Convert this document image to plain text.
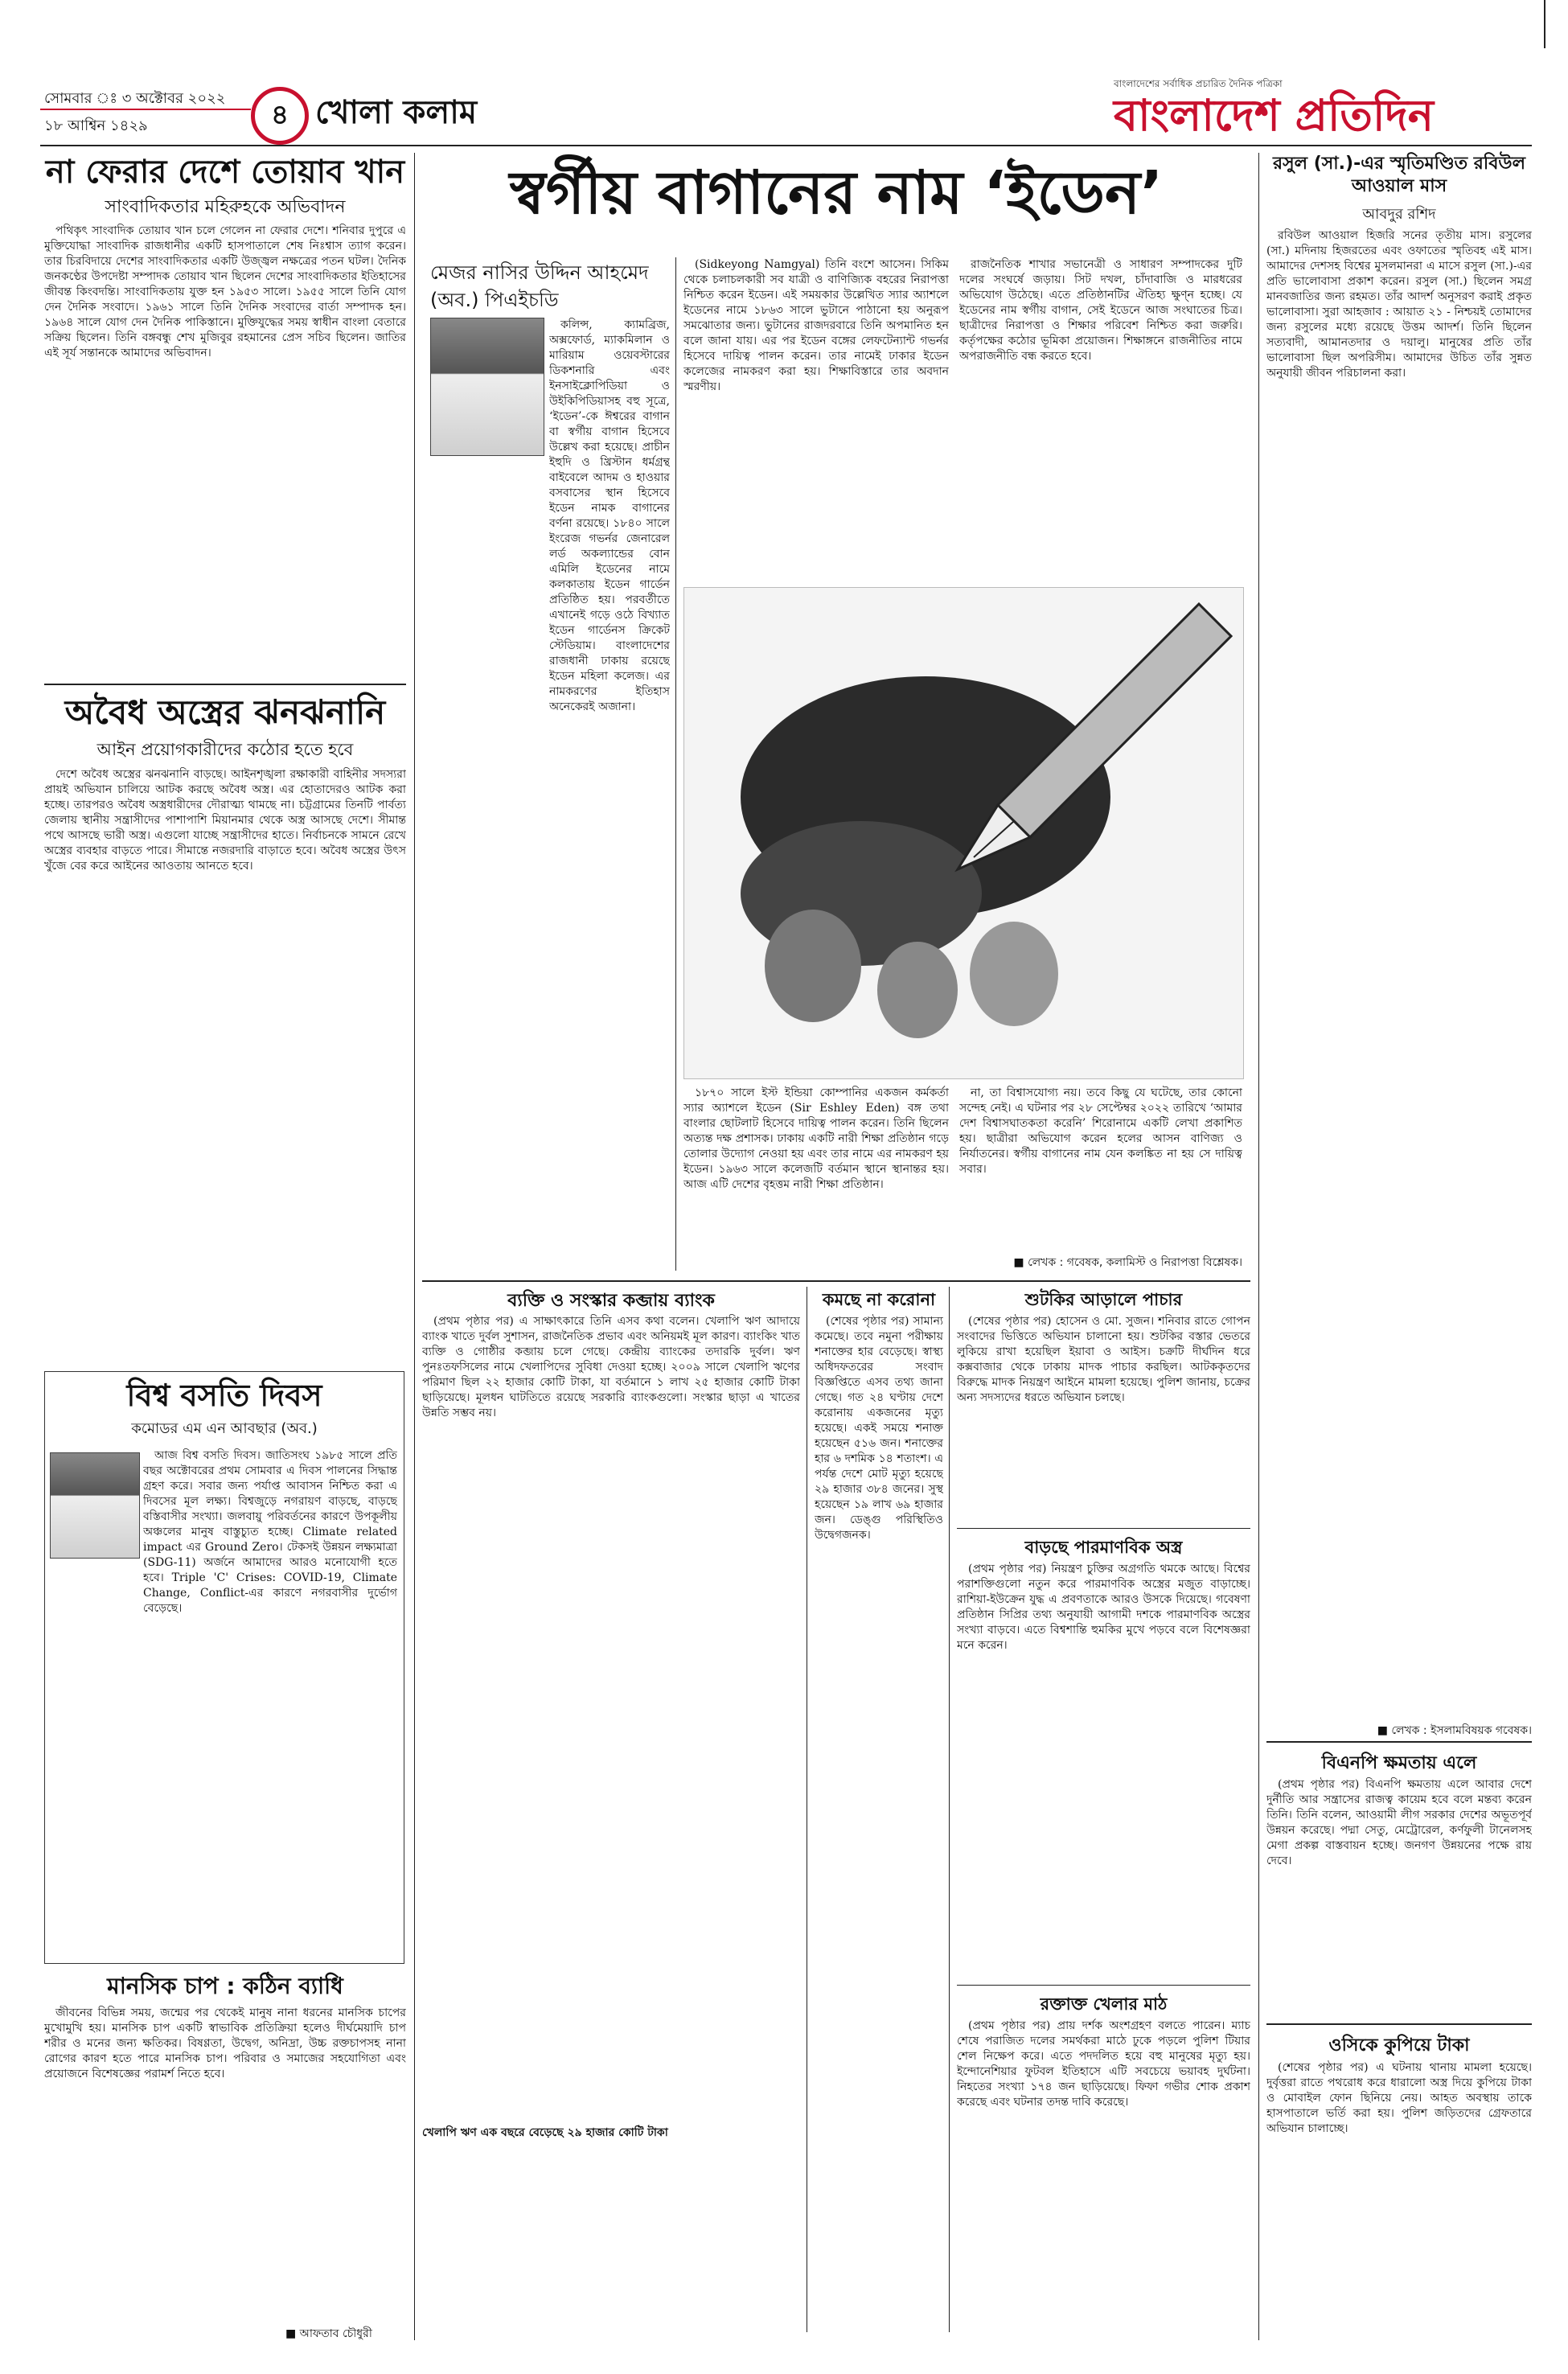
সোমবার ঃ ৩ অক্টোবর ২০২২
১৮ আশ্বিন ১৪২৯	৪ খোলা কলাম
বাংলাদেশের সর্বাধিক প্রচারিত দৈনিক পত্রিকা
বাংলাদেশ প্রতিদিন
না ফেরার দেশে তোয়াব খান
সাংবাদিকতার মহিরুহকে অভিবাদন

পথিকৃৎ সাংবাদিক তোয়াব খান চলে গেলেন না ফেরার দেশে। শনিবার দুপুরে এ মুক্তিযোদ্ধা সাংবাদিক রাজধানীর একটি হাসপাতালে শেষ নিঃশ্বাস ত্যাগ করেন। তার চিরবিদায়ে দেশের সাংবাদিকতার একটি উজ্জ্বল নক্ষত্রের পতন ঘটল। দৈনিক জনকণ্ঠের উপদেষ্টা সম্পাদক তোয়াব খান ছিলেন দেশের সাংবাদিকতার ইতিহাসের জীবন্ত কিংবদন্তি। সাংবাদিকতায় যুক্ত হন ১৯৫৩ সালে। ১৯৫৫ সালে তিনি যোগ দেন দৈনিক সংবাদে। ১৯৬১ সালে তিনি দৈনিক সংবাদের বার্তা সম্পাদক হন। ১৯৬৪ সালে যোগ দেন দৈনিক পাকিস্তানে। মুক্তিযুদ্ধের সময় স্বাধীন বাংলা বেতারে সক্রিয় ছিলেন। তিনি বঙ্গবন্ধু শেখ মুজিবুর রহমানের প্রেস সচিব ছিলেন। জাতির এই সূর্য সন্তানকে আমাদের অভিবাদন।

অবৈধ অস্ত্রের ঝনঝনানি
আইন প্রয়োগকারীদের কঠোর হতে হবে

দেশে অবৈধ অস্ত্রের ঝনঝনানি বাড়ছে। আইনশৃঙ্খলা রক্ষাকারী বাহিনীর সদস্যরা প্রায়ই অভিযান চালিয়ে আটক করছে অবৈধ অস্ত্র। এর হোতাদেরও আটক করা হচ্ছে। তারপরও অবৈধ অস্ত্রধারীদের দৌরাত্ম্য থামছে না। চট্টগ্রামের তিনটি পার্বত্য জেলায় স্থানীয় সন্ত্রাসীদের পাশাপাশি মিয়ানমার থেকে অস্ত্র আসছে দেশে। সীমান্ত পথে আসছে ভারী অস্ত্র। এগুলো যাচ্ছে সন্ত্রাসীদের হাতে। নির্বাচনকে সামনে রেখে অস্ত্রের ব্যবহার বাড়তে পারে। সীমান্তে নজরদারি বাড়াতে হবে। অবৈধ অস্ত্রের উৎস খুঁজে বের করে আইনের আওতায় আনতে হবে।

বিশ্ব বসতি দিবস
কমোডর এম এন আবছার (অব.)

আজ বিশ্ব বসতি দিবস। জাতিসংঘ ১৯৮৫ সালে প্রতি বছর অক্টোবরের প্রথম সোমবার এ দিবস পালনের সিদ্ধান্ত গ্রহণ করে। সবার জন্য পর্যাপ্ত আবাসন নিশ্চিত করা এ দিবসের মূল লক্ষ্য। বিশ্বজুড়ে নগরায়ণ বাড়ছে, বাড়ছে বস্তিবাসীর সংখ্যা। জলবায়ু পরিবর্তনের কারণে উপকূলীয় অঞ্চলের মানুষ বাস্তুচ্যুত হচ্ছে। Climate related impact এর Ground Zero। টেকসই উন্নয়ন লক্ষ্যমাত্রা (SDG-11) অর্জনে আমাদের আরও মনোযোগী হতে হবে। Triple 'C' Crises: COVID-19, Climate Change, Conflict-এর কারণে নগরবাসীর দুর্ভোগ বেড়েছে।

মানসিক চাপ : কঠিন ব্যাধি

জীবনের বিভিন্ন সময়, জন্মের পর থেকেই মানুষ নানা ধরনের মানসিক চাপের মুখোমুখি হয়। মানসিক চাপ একটি স্বাভাবিক প্রতিক্রিয়া হলেও দীর্ঘমেয়াদি চাপ শরীর ও মনের জন্য ক্ষতিকর। বিষণ্ণতা, উদ্বেগ, অনিদ্রা, উচ্চ রক্তচাপসহ নানা রোগের কারণ হতে পারে মানসিক চাপ। পরিবার ও সমাজের সহযোগিতা এবং প্রয়োজনে বিশেষজ্ঞের পরামর্শ নিতে হবে।

■ আফতাব চৌধুরী
স্বর্গীয় বাগানের নাম ‘ইডেন’
মেজর নাসির উদ্দিন আহমেদ (অব.) পিএইচডি

কলিন্স, ক্যামব্রিজ, অক্সফোর্ড, ম্যাকমিলান ও মারিয়াম ওয়েবস্টারের ডিকশনারি এবং ইনসাইক্লোপিডিয়া ও উইকিপিডিয়াসহ বহু সূত্রে, ‘ইডেন’-কে ঈশ্বরের বাগান বা স্বর্গীয় বাগান হিসেবে উল্লেখ করা হয়েছে। প্রাচীন ইহুদি ও খ্রিস্টান ধর্মগ্রন্থ বাইবেলে আদম ও হাওয়ার বসবাসের স্থান হিসেবে ইডেন নামক বাগানের বর্ণনা রয়েছে। ১৮৪০ সালে ইংরেজ গভর্নর জেনারেল লর্ড অকল্যান্ডের বোন এমিলি ইডেনের নামে কলকাতায় ইডেন গার্ডেন প্রতিষ্ঠিত হয়। পরবর্তীতে এখানেই গড়ে ওঠে বিখ্যাত ইডেন গার্ডেনস ক্রিকেট স্টেডিয়াম। বাংলাদেশের রাজধানী ঢাকায় রয়েছে ইডেন মহিলা কলেজ। এর নামকরণের ইতিহাস অনেকেরই অজানা।

(Sidkeyong Namgyal) তিনি বংশে আসেন। সিকিম থেকে চলাচলকারী সব যাত্রী ও বাণিজ্যিক বহরের নিরাপত্তা নিশ্চিত করেন ইডেন। এই সময়কার উল্লেখিত স্যার অ্যাশলে ইডেনের নামে ১৮৬৩ সালে ভুটানে পাঠানো হয় অনুরূপ সমঝোতার জন্য। ভুটানের রাজদরবারে তিনি অপমানিত হন বলে জানা যায়। এর পর ইডেন বঙ্গের লেফটেন্যান্ট গভর্নর হিসেবে দায়িত্ব পালন করেন। তার নামেই ঢাকার ইডেন কলেজের নামকরণ করা হয়। শিক্ষাবিস্তারে তার অবদান স্মরণীয়।

রাজনৈতিক শাখার সভানেত্রী ও সাধারণ সম্পাদকের দুটি দলের সংঘর্ষে জড়ায়। সিট দখল, চাঁদাবাজি ও মারধরের অভিযোগ উঠেছে। এতে প্রতিষ্ঠানটির ঐতিহ্য ক্ষুণ্ন হচ্ছে। যে ইডেনের নাম স্বর্গীয় বাগান, সেই ইডেনে আজ সংঘাতের চিত্র। ছাত্রীদের নিরাপত্তা ও শিক্ষার পরিবেশ নিশ্চিত করা জরুরি। কর্তৃপক্ষের কঠোর ভূমিকা প্রয়োজন। শিক্ষাঙ্গনে রাজনীতির নামে অপরাজনীতি বন্ধ করতে হবে।

১৮৭০ সালে ইস্ট ইন্ডিয়া কোম্পানির একজন কর্মকর্তা স্যার অ্যাশলে ইডেন (Sir Eshley Eden) বঙ্গ তথা বাংলার ছোটলাট হিসেবে দায়িত্ব পালন করেন। তিনি ছিলেন অত্যন্ত দক্ষ প্রশাসক। ঢাকায় একটি নারী শিক্ষা প্রতিষ্ঠান গড়ে তোলার উদ্যোগ নেওয়া হয় এবং তার নামে এর নামকরণ হয় ইডেন। ১৯৬৩ সালে কলেজটি বর্তমান স্থানে স্থানান্তর হয়। আজ এটি দেশের বৃহত্তম নারী শিক্ষা প্রতিষ্ঠান।

না, তা বিশ্বাসযোগ্য নয়। তবে কিছু যে ঘটেছে, তার কোনো সন্দেহ নেই। এ ঘটনার পর ২৮ সেপ্টেম্বর ২০২২ তারিখে ‘আমার দেশ বিশ্বাসঘাতকতা করেনি’ শিরোনামে একটি লেখা প্রকাশিত হয়। ছাত্রীরা অভিযোগ করেন হলের আসন বাণিজ্য ও নির্যাতনের। স্বর্গীয় বাগানের নাম যেন কলঙ্কিত না হয় সে দায়িত্ব সবার।

■ লেখক : গবেষক, কলামিস্ট ও নিরাপত্তা বিশ্লেষক।
ব্যক্তি ও সংস্কার কব্জায় ব্যাংক

(প্রথম পৃষ্ঠার পর) এ সাক্ষাৎকারে তিনি এসব কথা বলেন। খেলাপি ঋণ আদায়ে ব্যাংক খাতে দুর্বল সুশাসন, রাজনৈতিক প্রভাব এবং অনিয়মই মূল কারণ। ব্যাংকিং খাত ব্যক্তি ও গোষ্ঠীর কব্জায় চলে গেছে। কেন্দ্রীয় ব্যাংকের তদারকি দুর্বল। ঋণ পুনঃতফসিলের নামে খেলাপিদের সুবিধা দেওয়া হচ্ছে। ২০০৯ সালে খেলাপি ঋণের পরিমাণ ছিল ২২ হাজার কোটি টাকা, যা বর্তমানে ১ লাখ ২৫ হাজার কোটি টাকা ছাড়িয়েছে। মূলধন ঘাটতিতে রয়েছে সরকারি ব্যাংকগুলো। সংস্কার ছাড়া এ খাতের উন্নতি সম্ভব নয়।

খেলাপি ঋণ এক বছরে বেড়েছে ২৯ হাজার কোটি টাকা
কমছে না করোনা

(শেষের পৃষ্ঠার পর) সামান্য কমেছে। তবে নমুনা পরীক্ষায় শনাক্তের হার বেড়েছে। স্বাস্থ্য অধিদফতরের সংবাদ বিজ্ঞপ্তিতে এসব তথ্য জানা গেছে। গত ২৪ ঘণ্টায় দেশে করোনায় একজনের মৃত্যু হয়েছে। একই সময়ে শনাক্ত হয়েছেন ৫১৬ জন। শনাক্তের হার ৬ দশমিক ১৪ শতাংশ। এ পর্যন্ত দেশে মোট মৃত্যু হয়েছে ২৯ হাজার ৩৮৪ জনের। সুস্থ হয়েছেন ১৯ লাখ ৬৯ হাজার জন। ডেঙ্গু পরিস্থিতিও উদ্বেগজনক।

শুটকির আড়ালে পাচার

(শেষের পৃষ্ঠার পর) হোসেন ও মো. সুজন। শনিবার রাতে গোপন সংবাদের ভিত্তিতে অভিযান চালানো হয়। শুটকির বস্তার ভেতরে লুকিয়ে রাখা হয়েছিল ইয়াবা ও আইস। চক্রটি দীর্ঘদিন ধরে কক্সবাজার থেকে ঢাকায় মাদক পাচার করছিল। আটককৃতদের বিরুদ্ধে মাদক নিয়ন্ত্রণ আইনে মামলা হয়েছে। পুলিশ জানায়, চক্রের অন্য সদস্যদের ধরতে অভিযান চলছে।

বাড়ছে পারমাণবিক অস্ত্র

(প্রথম পৃষ্ঠার পর) নিয়ন্ত্রণ চুক্তির অগ্রগতি থমকে আছে। বিশ্বের পরাশক্তিগুলো নতুন করে পারমাণবিক অস্ত্রের মজুত বাড়াচ্ছে। রাশিয়া-ইউক্রেন যুদ্ধ এ প্রবণতাকে আরও উসকে দিয়েছে। গবেষণা প্রতিষ্ঠান সিপ্রির তথ্য অনুযায়ী আগামী দশকে পারমাণবিক অস্ত্রের সংখ্যা বাড়বে। এতে বিশ্বশান্তি হুমকির মুখে পড়বে বলে বিশেষজ্ঞরা মনে করেন।

রক্তাক্ত খেলার মাঠ

(প্রথম পৃষ্ঠার পর) প্রায় দর্শক অংশগ্রহণ বলতে পারেন। ম্যাচ শেষে পরাজিত দলের সমর্থকরা মাঠে ঢুকে পড়লে পুলিশ টিয়ার শেল নিক্ষেপ করে। এতে পদদলিত হয়ে বহু মানুষের মৃত্যু হয়। ইন্দোনেশিয়ার ফুটবল ইতিহাসে এটি সবচেয়ে ভয়াবহ দুর্ঘটনা। নিহতের সংখ্যা ১৭৪ জন ছাড়িয়েছে। ফিফা গভীর শোক প্রকাশ করেছে এবং ঘটনার তদন্ত দাবি করেছে।

রসুল (সা.)-এর স্মৃতিমণ্ডিত রবিউল আওয়াল মাস
আবদুর রশিদ

রবিউল আওয়াল হিজরি সনের তৃতীয় মাস। রসুলের (সা.) মদিনায় হিজরতের এবং ওফাতের স্মৃতিবহ এই মাস। আমাদের দেশসহ বিশ্বের মুসলমানরা এ মাসে রসুল (সা.)-এর প্রতি ভালোবাসা প্রকাশ করেন। রসুল (সা.) ছিলেন সমগ্র মানবজাতির জন্য রহমত। তাঁর আদর্শ অনুসরণ করাই প্রকৃত ভালোবাসা। সুরা আহজাব : আয়াত ২১ - নিশ্চয়ই তোমাদের জন্য রসুলের মধ্যে রয়েছে উত্তম আদর্শ। তিনি ছিলেন সত্যবাদী, আমানতদার ও দয়ালু। মানুষের প্রতি তাঁর ভালোবাসা ছিল অপরিসীম। আমাদের উচিত তাঁর সুন্নত অনুযায়ী জীবন পরিচালনা করা।

■ লেখক : ইসলামবিষয়ক গবেষক।
বিএনপি ক্ষমতায় এলে

(প্রথম পৃষ্ঠার পর) বিএনপি ক্ষমতায় এলে আবার দেশে দুর্নীতি আর সন্ত্রাসের রাজত্ব কায়েম হবে বলে মন্তব্য করেন তিনি। তিনি বলেন, আওয়ামী লীগ সরকার দেশের অভূতপূর্ব উন্নয়ন করেছে। পদ্মা সেতু, মেট্রোরেল, কর্ণফুলী টানেলসহ মেগা প্রকল্প বাস্তবায়ন হচ্ছে। জনগণ উন্নয়নের পক্ষে রায় দেবে।

ওসিকে কুপিয়ে টাকা

(শেষের পৃষ্ঠার পর) এ ঘটনায় থানায় মামলা হয়েছে। দুর্বৃত্তরা রাতে পথরোধ করে ধারালো অস্ত্র দিয়ে কুপিয়ে টাকা ও মোবাইল ফোন ছিনিয়ে নেয়। আহত অবস্থায় তাকে হাসপাতালে ভর্তি করা হয়। পুলিশ জড়িতদের গ্রেফতারে অভিযান চালাচ্ছে।
